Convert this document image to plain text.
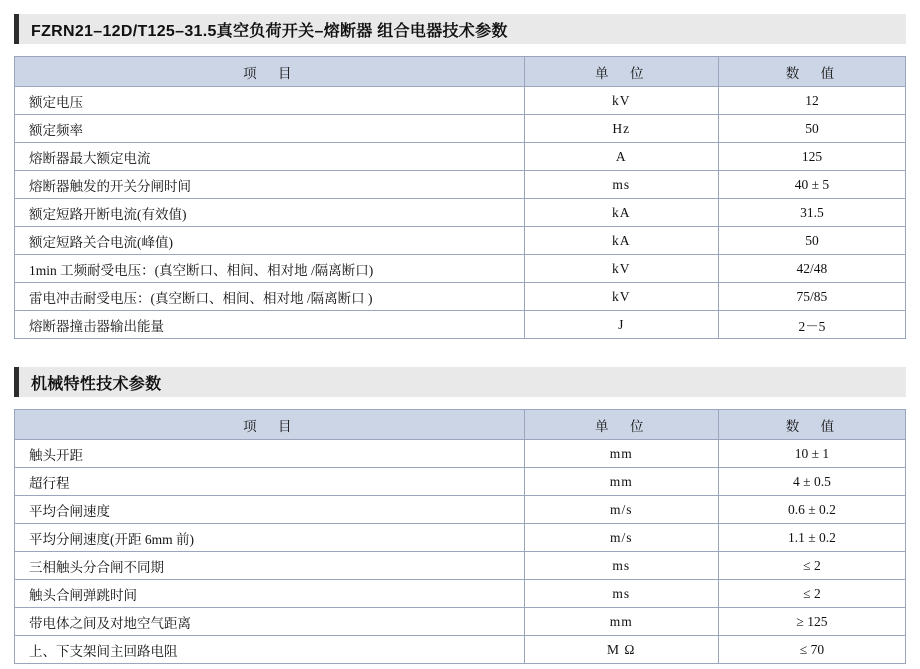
FZRN21–12D/T125–31.5真空负荷开关–熔断器 组合电器技术参数
项　目	单　位	数　值
额定电压	kV	12
额定频率	Hz	50
熔断器最大额定电流	A	125
熔断器触发的开关分闸时间	ms	40 ± 5
额定短路开断电流(有效值)	kA	31.5
额定短路关合电流(峰值)	kA	50
1min 工频耐受电压：(真空断口、相间、相对地 /隔离断口)	kV	42/48
雷电冲击耐受电压：(真空断口、相间、相对地 /隔离断口 )	kV	75/85
熔断器撞击器输出能量	J	2－5
机械特性技术参数
项　目	单　位	数　值
触头开距	mm	10 ± 1
超行程	mm	4 ± 0.5
平均合闸速度	m/s	0.6 ± 0.2
平均分闸速度(开距 6mm 前)	m/s	1.1 ± 0.2
三相触头分合闸不同期	ms	≤ 2
触头合闸弹跳时间	ms	≤ 2
带电体之间及对地空气距离	mm	≥ 125
上、下支架间主回路电阻	M Ω	≤ 70
